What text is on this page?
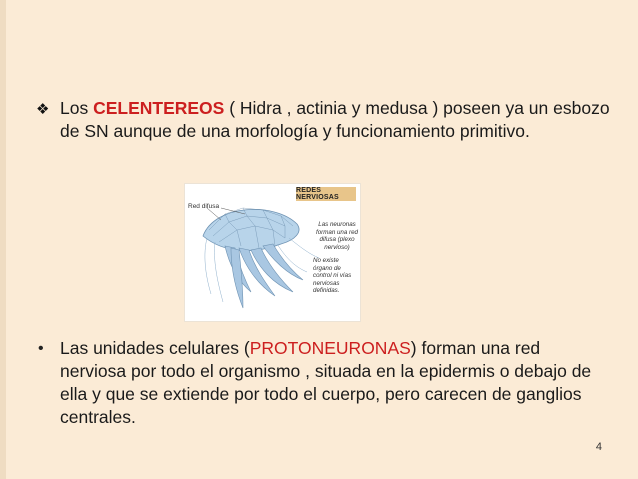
❖ Los CELENTEREOS ( Hidra , actinia y medusa ) poseen ya un esbozo de SN aunque de una morfología y funcionamiento primitivo.
REDES NERVIOSAS
Red difusa
Las neuronas forman una red difusa (plexo nervioso)
No existe órgano de control ni vías nerviosas definidas.
• Las unidades celulares (PROTONEURONAS) forman una red nerviosa por todo el organismo , situada en la epidermis o debajo de ella y que se extiende por todo el cuerpo, pero carecen de ganglios centrales.
4
